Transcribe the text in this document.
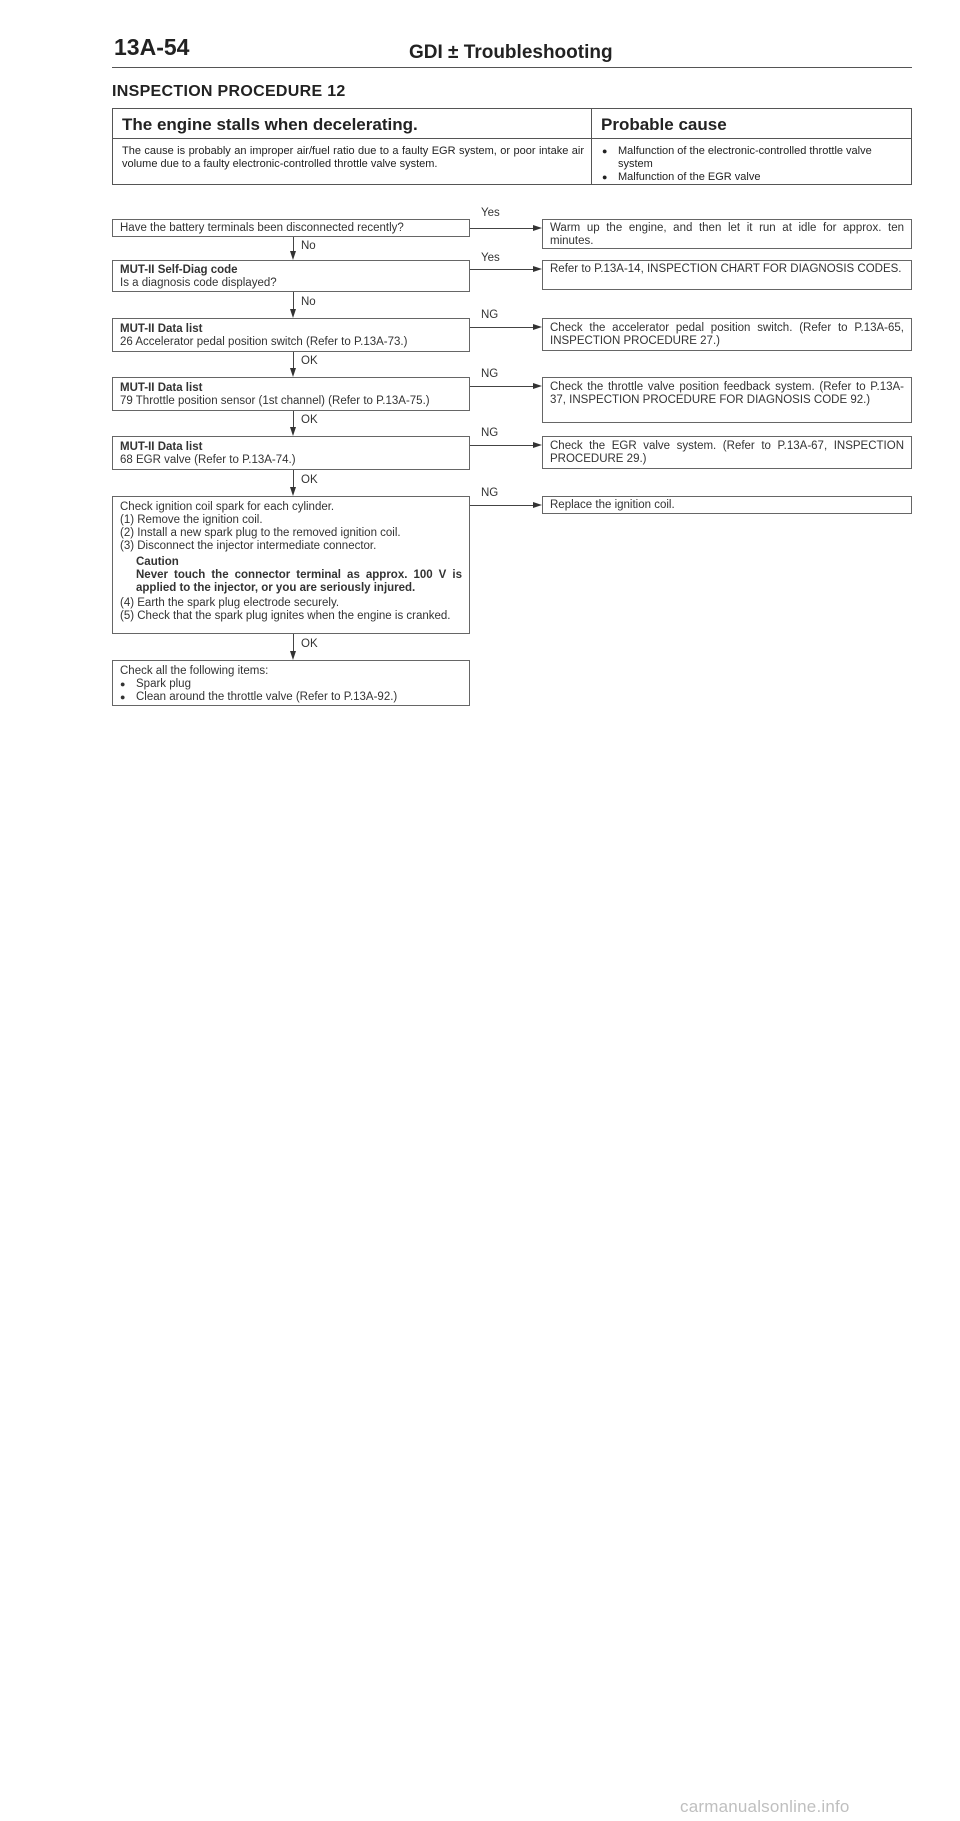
13A-54	GDI ± Troubleshooting
INSPECTION PROCEDURE 12
The engine stalls when decelerating.	Probable cause
The cause is probably an improper air/fuel ratio due to a faulty EGR system, or poor intake air volume due to a faulty electronic-controlled throttle valve system.
● Malfunction of the electronic-controlled throttle valve system
● Malfunction of the EGR valve
Have the battery terminals been disconnected recently?
Yes
Warm up the engine, and then let it run at idle for approx. ten minutes.
No
MUT-II Self-Diag code
Is a diagnosis code displayed?
Yes
Refer to P.13A-14, INSPECTION CHART FOR DIAGNOSIS CODES.
No
MUT-II Data list
26 Accelerator pedal position switch (Refer to P.13A-73.)
NG
Check the accelerator pedal position switch. (Refer to P.13A-65, INSPECTION PROCEDURE 27.)
OK
MUT-II Data list
79 Throttle position sensor (1st channel) (Refer to P.13A-75.)
NG
Check the throttle valve position feedback system. (Refer to P.13A-37, INSPECTION PROCEDURE FOR DIAGNOSIS CODE 92.)
OK
MUT-II Data list
68 EGR valve (Refer to P.13A-74.)
NG
Check the EGR valve system. (Refer to P.13A-67, INSPECTION PROCEDURE 29.)
OK
Check ignition coil spark for each cylinder.
(1) Remove the ignition coil.
(2) Install a new spark plug to the removed ignition coil.
(3) Disconnect the injector intermediate connector.
Caution
Never touch the connector terminal as approx. 100 V is applied to the injector, or you are seriously injured.
(4) Earth the spark plug electrode securely.
(5) Check that the spark plug ignites when the engine is cranked.
NG
Replace the ignition coil.
OK
Check all the following items:
● Spark plug
● Clean around the throttle valve (Refer to P.13A-92.)
carmanualsonline.info
